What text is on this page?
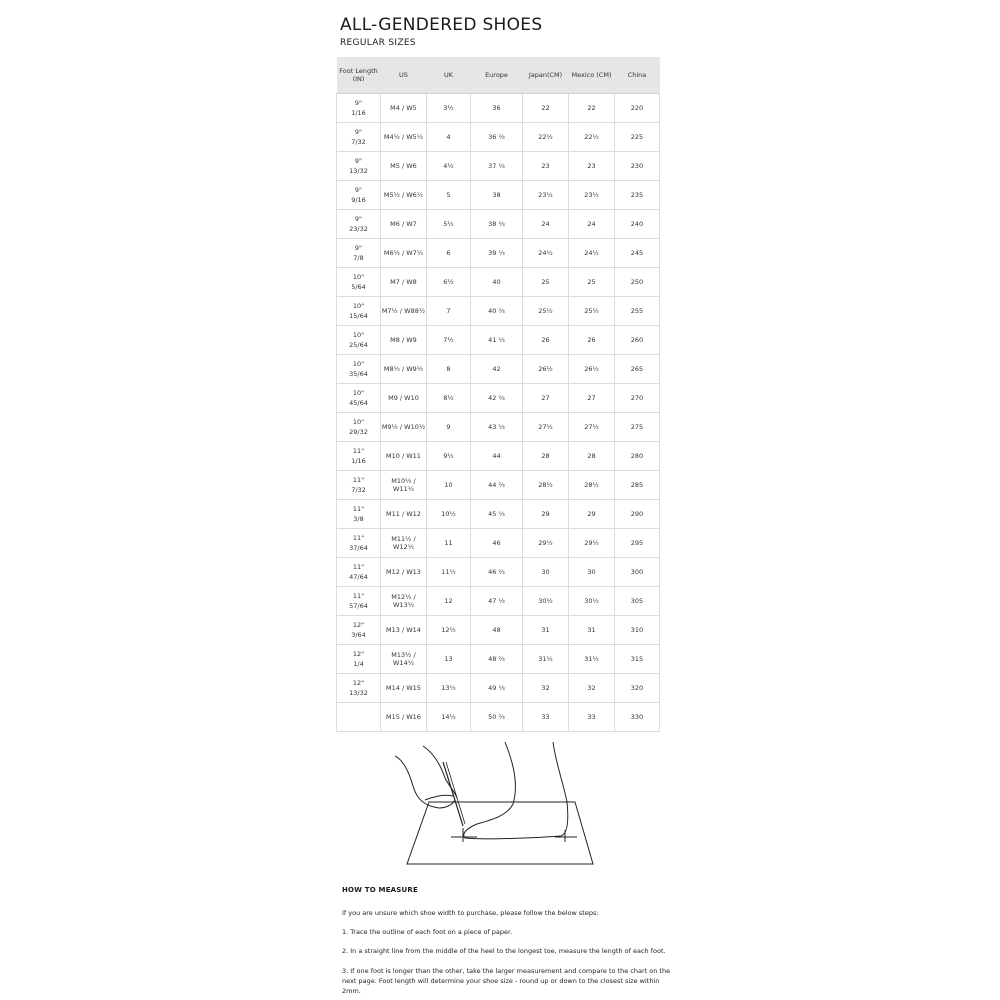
ALL-GENDERED SHOES
REGULAR SIZES
Foot Length (IN)	US	UK	Europe	Japan(CM)	Mexico (CM)	China
9"
1/16	M4 / W5	3½	36	22	22	220
9"
7/32	M4½ / W5½	4	36 ⅔	22½	22½	225
9"
13/32	M5 / W6	4½	37 ⅓	23	23	230
9"
9/16	M5½ / W6½	5	38	23½	23½	235
9"
23/32	M6 / W7	5½	38 ⅔	24	24	240
9"
7/8	M6½ / W7½	6	39 ⅓	24½	24½	245
10"
5/64	M7 / W8	6½	40	25	25	250
10"
15/64	M7½ / W88½	7	40 ⅔	25½	25½	255
10"
25/64	M8 / W9	7½	41 ⅓	26	26	260
10"
35/64	M8½ / W9½	8	42	26½	26½	265
10"
45/64	M9 / W10	8½	42 ⅔	27	27	270
10"
29/32	M9½ / W10½	9	43 ⅓	27½	27½	275
11"
1/16	M10 / W11	9½	44	28	28	280
11"
7/32	M10½ / W11½	10	44 ⅔	28½	28½	285
11"
3/8	M11 / W12	10½	45 ⅓	29	29	290
11"
37/64	M11½ / W12½	11	46	29½	29½	295
11"
47/64	M12 / W13	11½	46 ⅔	30	30	300
11"
57/64	M12½ / W13½	12	47 ⅓	30½	30½	305
12"
3/64	M13 / W14	12½	48	31	31	310
12"
1/4	M13½ / W14½	13	48 ⅔	31½	31½	315
12"
13/32	M14 / W15	13½	49 ⅓	32	32	320
	M15 / W16	14½	50 ⅔	33	33	330
HOW TO MEASURE
If you are unsure which shoe width to purchase, please follow the below steps:
1. Trace the outline of each foot on a piece of paper.
2. In a straight line from the middle of the heel to the longest toe, measure the length of each foot.
3. If one foot is longer than the other, take the larger measurement and compare to the chart on the next page. Foot length will determine your shoe size - round up or down to the closest size within 2mm.
